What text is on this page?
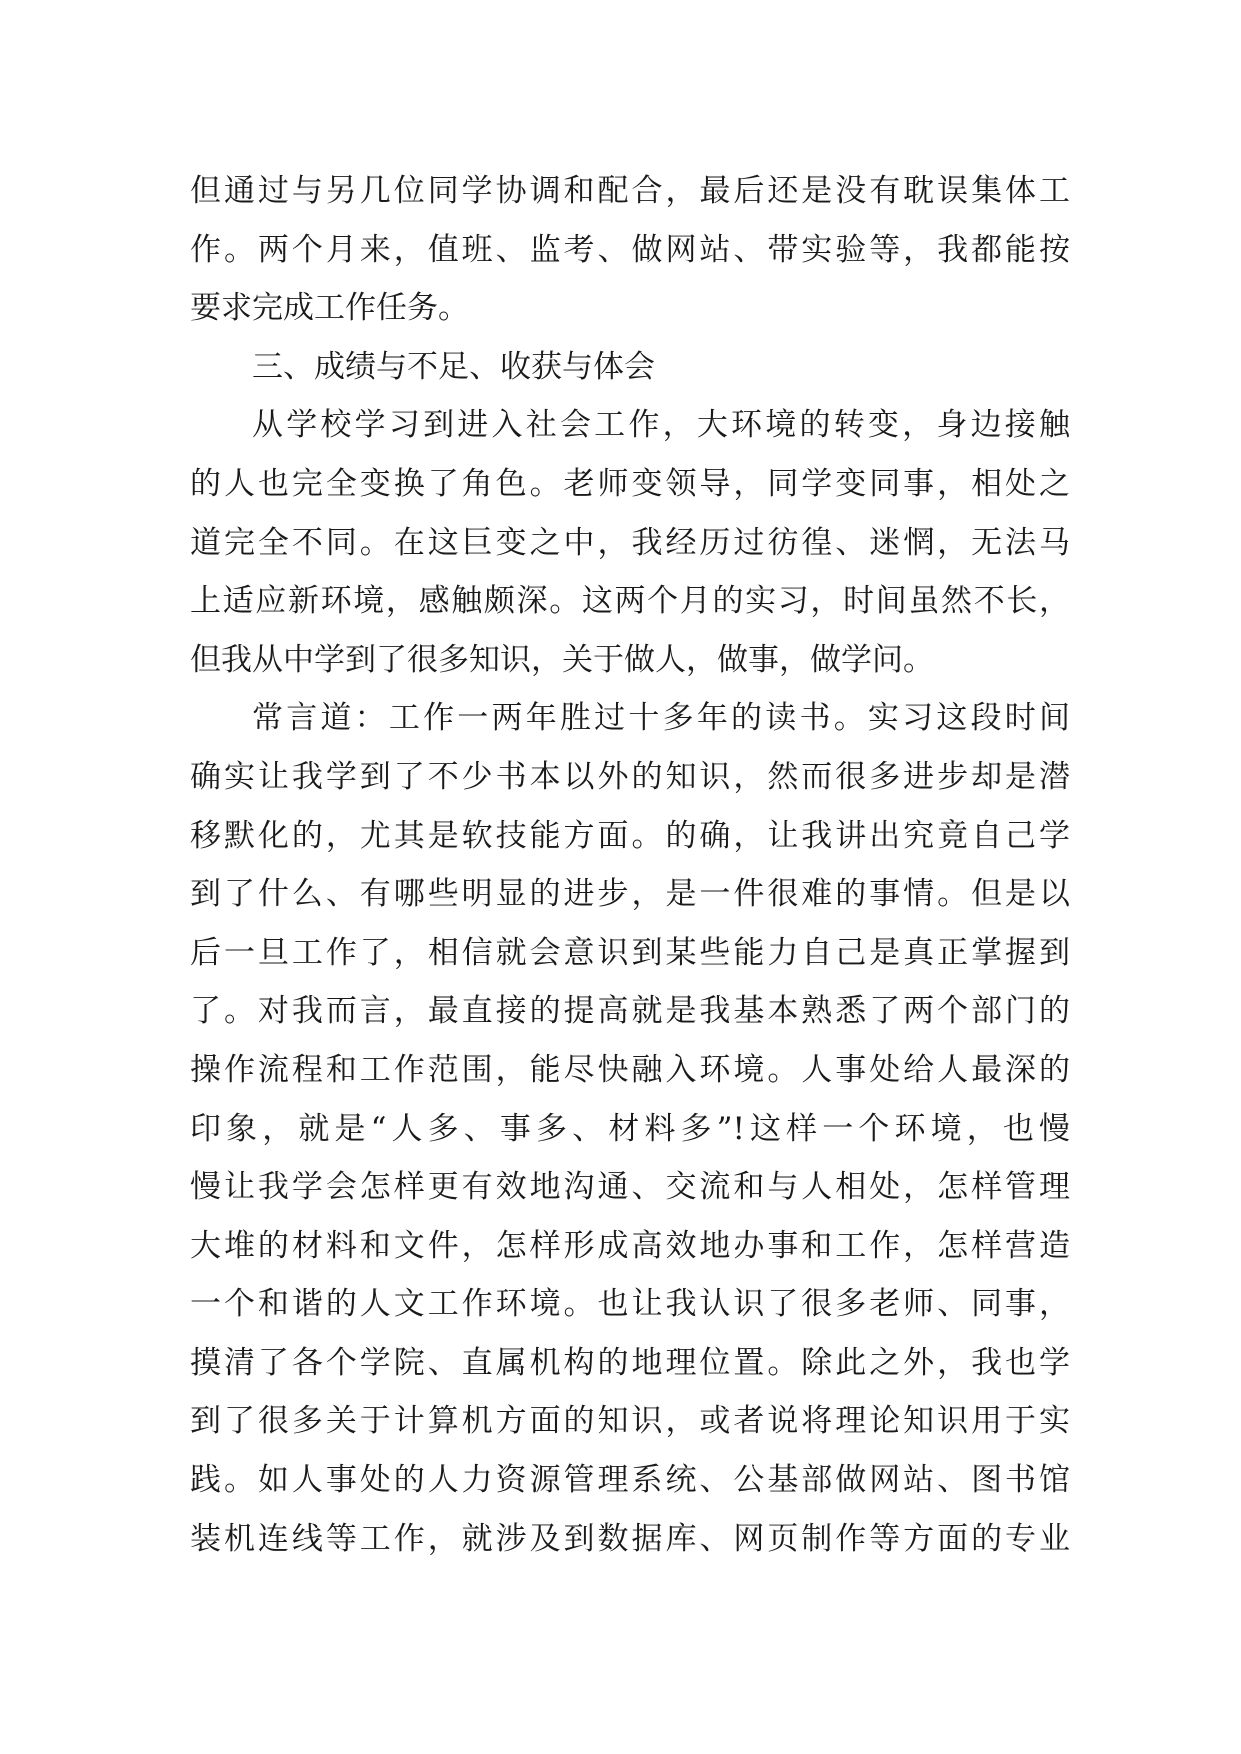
但通过与另几位同学协调和配合，最后还是没有耽误集体工
作。两个月来，值班、监考、做网站、带实验等，我都能按
要求完成工作任务。
三、成绩与不足、收获与体会
从学校学习到进入社会工作，大环境的转变，身边接触
的人也完全变换了角色。老师变领导，同学变同事，相处之
道完全不同。在这巨变之中，我经历过彷徨、迷惘，无法马
上适应新环境，感触颇深。这两个月的实习，时间虽然不长，
但我从中学到了很多知识，关于做人，做事，做学问。
常言道：工作一两年胜过十多年的读书。实习这段时间
确实让我学到了不少书本以外的知识，然而很多进步却是潜
移默化的，尤其是软技能方面。的确，让我讲出究竟自己学
到了什么、有哪些明显的进步，是一件很难的事情。但是以
后一旦工作了，相信就会意识到某些能力自己是真正掌握到
了。对我而言，最直接的提高就是我基本熟悉了两个部门的
操作流程和工作范围，能尽快融入环境。人事处给人最深的
印象，就是“人多、事多、材料多”!这样一个环境，也慢
慢让我学会怎样更有效地沟通、交流和与人相处，怎样管理
大堆的材料和文件，怎样形成高效地办事和工作，怎样营造
一个和谐的人文工作环境。也让我认识了很多老师、同事，
摸清了各个学院、直属机构的地理位置。除此之外，我也学
到了很多关于计算机方面的知识，或者说将理论知识用于实
践。如人事处的人力资源管理系统、公基部做网站、图书馆
装机连线等工作，就涉及到数据库、网页制作等方面的专业
